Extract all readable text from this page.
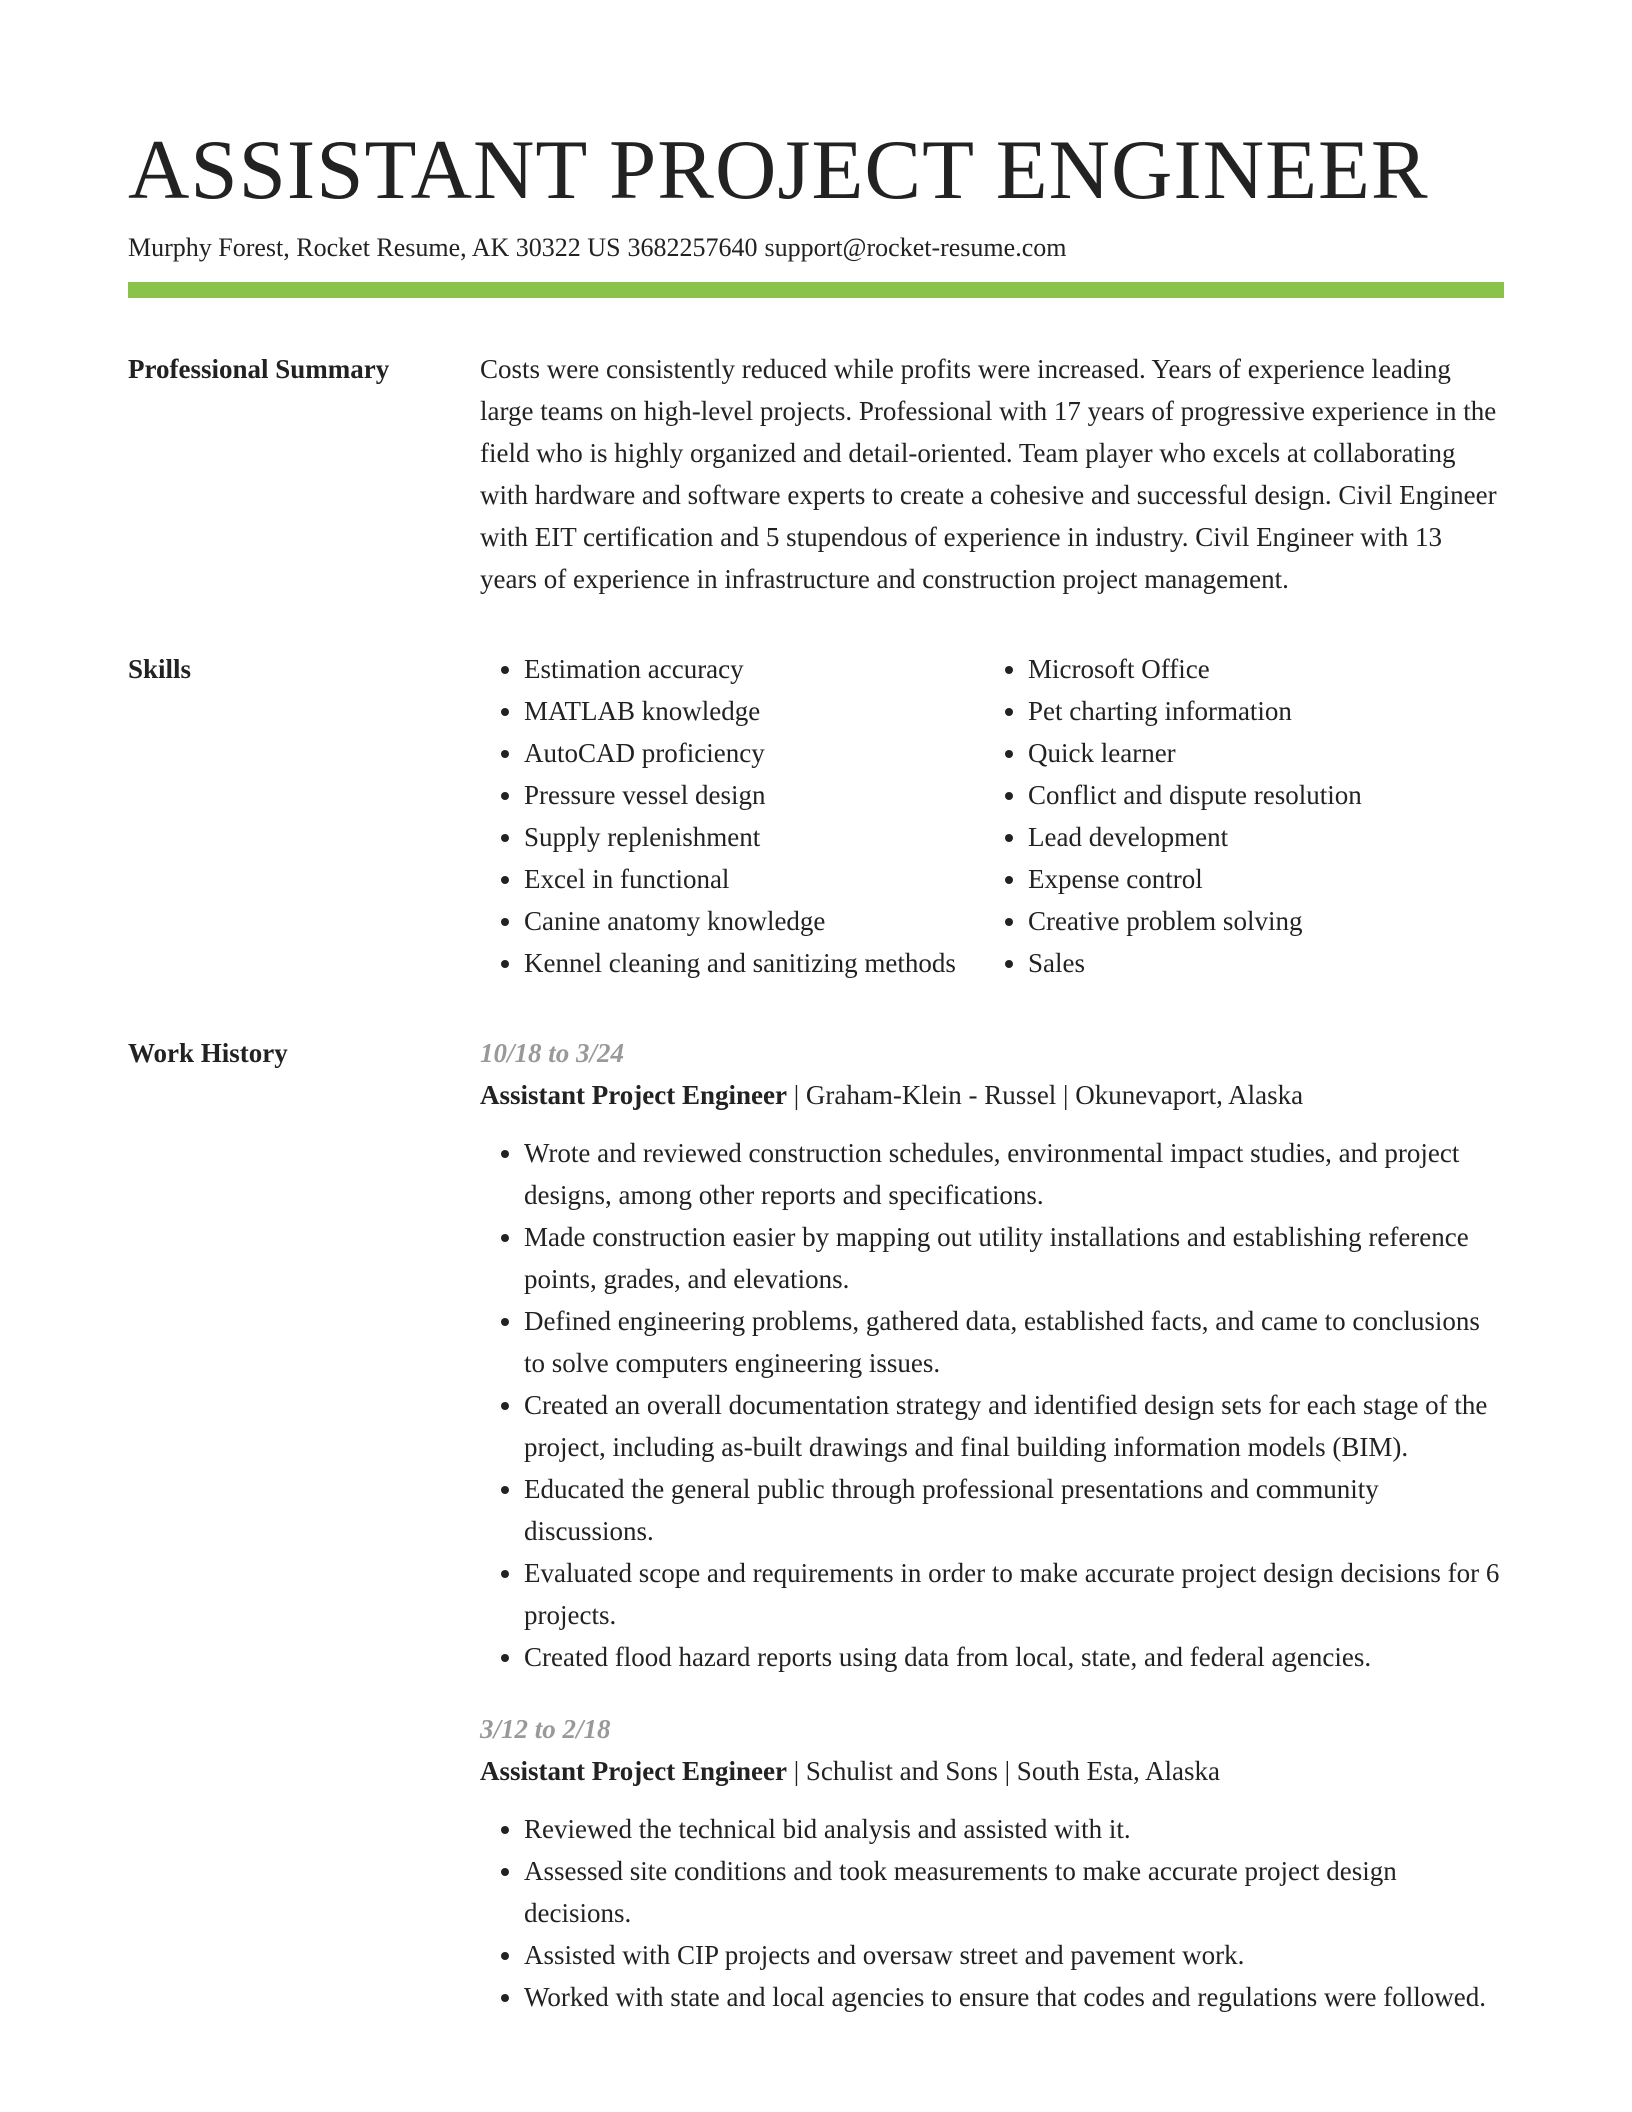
ASSISTANT PROJECT ENGINEER
Murphy Forest, Rocket Resume, AK 30322 US 3682257640 support@rocket-resume.com
Professional Summary	Costs were consistently reduced while profits were increased. Years of experience leading large teams on high-level projects. Professional with 17 years of progressive experience in the field who is highly organized and detail-oriented. Team player who excels at collaborating with hardware and software experts to create a cohesive and successful design. Civil Engineer with EIT certification and 5 stupendous of experience in industry. Civil Engineer with 13 years of experience in infrastructure and construction project management.

Skills
•	Estimation accuracy
• MATLAB knowledge
• AutoCAD proficiency
• Pressure vessel design
• Supply replenishment
• Excel in functional
• Canine anatomy knowledge
• Kennel cleaning and sanitizing methods
• Microsoft Office
• Pet charting information
• Quick learner
• Conflict and dispute resolution
• Lead development
• Expense control
• Creative problem solving
• Sales
Work History	10/18 to 3/24
Assistant Project Engineer | Graham-Klein - Russel | Okunevaport, Alaska
• Wrote and reviewed construction schedules, environmental impact studies, and project designs, among other reports and specifications.
• Made construction easier by mapping out utility installations and establishing reference points, grades, and elevations.
• Defined engineering problems, gathered data, established facts, and came to conclusions to solve computers engineering issues.
• Created an overall documentation strategy and identified design sets for each stage of the project, including as-built drawings and final building information models (BIM).
• Educated the general public through professional presentations and community discussions.
• Evaluated scope and requirements in order to make accurate project design decisions for 6 projects.
• Created flood hazard reports using data from local, state, and federal agencies.
3/12 to 2/18
Assistant Project Engineer | Schulist and Sons | South Esta, Alaska
• Reviewed the technical bid analysis and assisted with it.
• Assessed site conditions and took measurements to make accurate project design decisions.
• Assisted with CIP projects and oversaw street and pavement work.
• Worked with state and local agencies to ensure that codes and regulations were followed.
